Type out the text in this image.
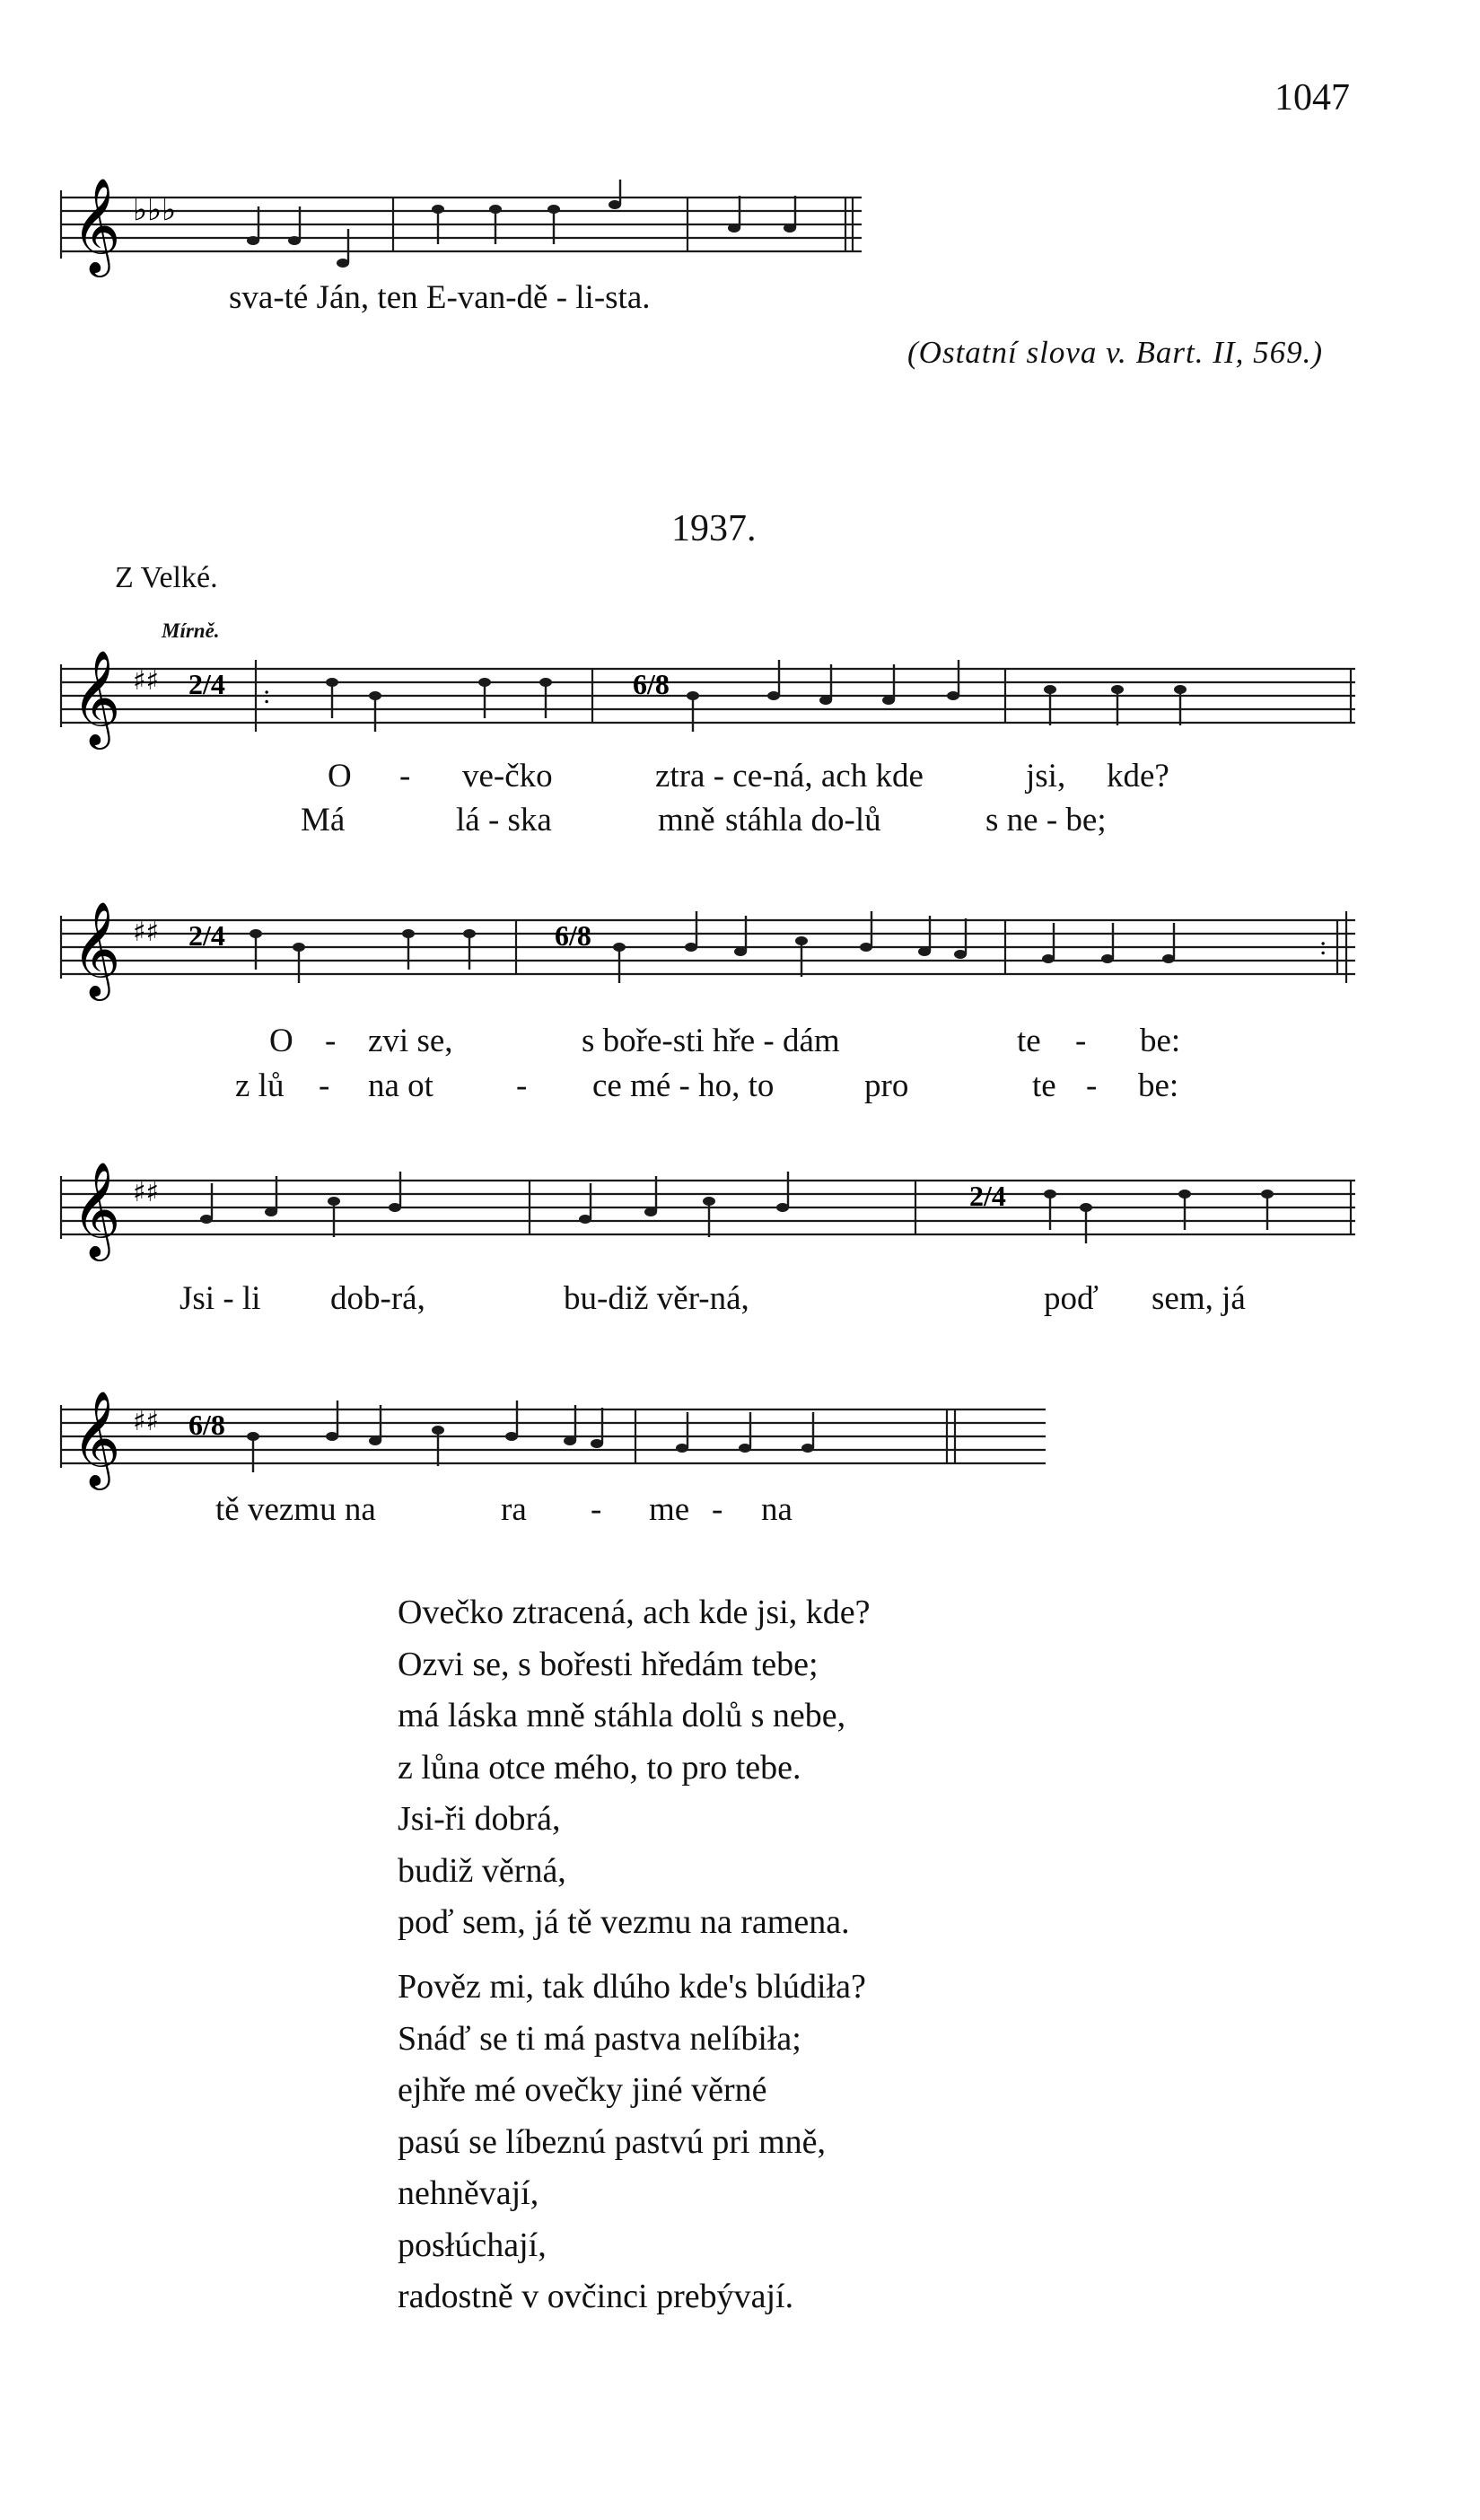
1047
𝄞 ♭♭♭
sva-té Ján, ten E-van-dě - li-sta.
(Ostatní slova v. Bart. II, 569.)
1937.
Z Velké.
Mírně.
𝄞 ♯♯ 2/4 :	6/8
O - ve-čko	ztra - ce-ná, ach kde	jsi, kde?
Má	lá - ska	mně stáhla do-lů	s ne - be;
𝄞 ♯♯ 2/4	6/8	:
O - zvi se,	s boře-sti hře - dám	te - be:
z lů - na ot - ce mé - ho, to	pro	te - be:
𝄞 ♯♯	2/4
Jsi - li dob-rá,	bu-diž věr-ná,	poď sem, já
𝄞 ♯♯ 6/8
tě vezmu na	ra - me - na
Ovečko ztracená, ach kde jsi, kde?
Ozvi se, s bořesti hředám tebe;
má láska mně stáhla dolů s nebe,
z lůna otce mého, to pro tebe.
Jsi-ři dobrá,
budiž věrná,
poď sem, já tě vezmu na ramena.
Pověz mi, tak dlúho kde's blúdiła?
Snáď se ti má pastva nelíbiła;
ejhře mé ovečky jiné věrné
pasú se líbeznú pastvú pri mně,
nehněvají,
posłúchají,
radostně v ovčinci prebývají.
